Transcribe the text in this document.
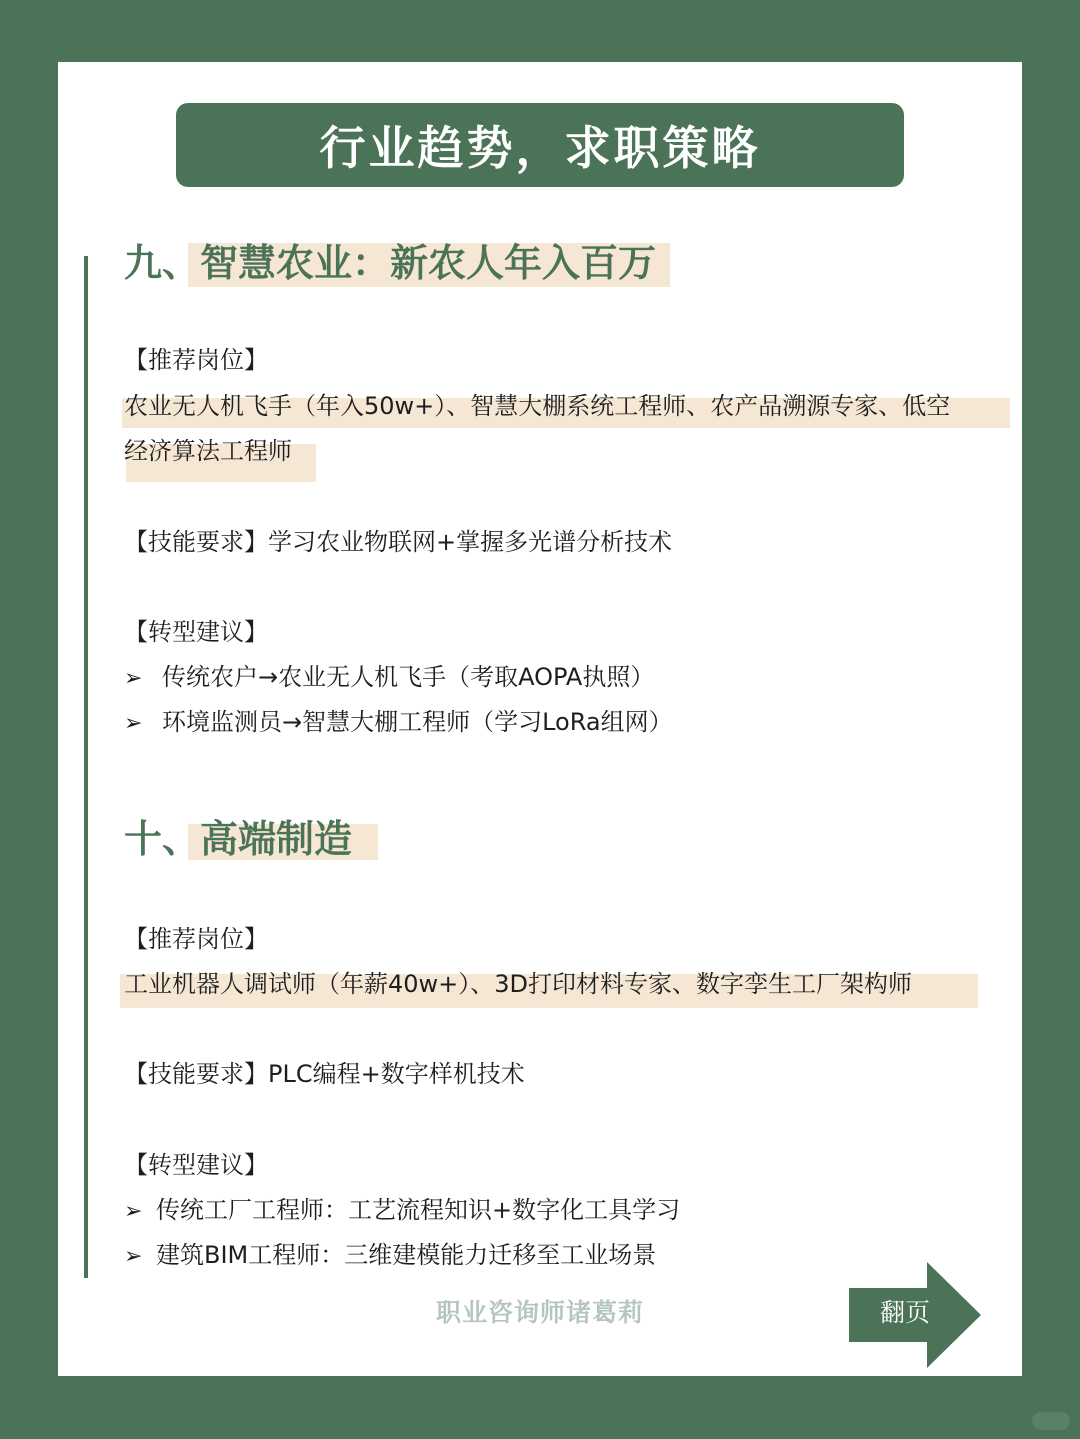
行业趋势，求职策略
九、智慧农业：新农人年入百万
【推荐岗位】
农业无人机飞手（年入50w+）、智慧大棚系统工程师、农产品溯源专家、低空
经济算法工程师
【技能要求】学习农业物联网+掌握多光谱分析技术
【转型建议】
➢ 传统农户→农业无人机飞手（考取AOPA执照）
➢ 环境监测员→智慧大棚工程师（学习LoRa组网）
十、高端制造
【推荐岗位】
工业机器人调试师（年薪40w+）、3D打印材料专家、数字孪生工厂架构师
【技能要求】PLC编程+数字样机技术
【转型建议】
➢ 传统工厂工程师：工艺流程知识+数字化工具学习
➢ 建筑BIM工程师：三维建模能力迁移至工业场景
职业咨询师诸葛莉	翻页
